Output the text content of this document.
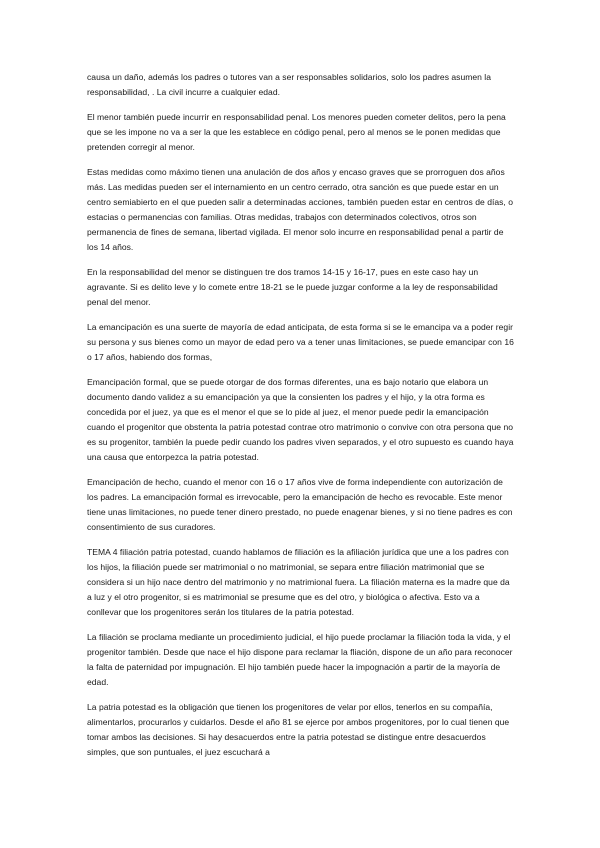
causa un daño, además los padres o tutores van a ser responsables solidarios, solo los padres asumen la responsabilidad, . La civil incurre a cualquier edad.

El menor también puede incurrir en responsabilidad penal. Los menores pueden cometer delitos, pero la pena que se les impone no va a ser la que les establece en código penal, pero al menos se le ponen medidas que pretenden corregir al menor.

Estas medidas como máximo tienen una anulación de dos años y encaso graves que se prorroguen dos años más. Las medidas pueden ser el internamiento en un centro cerrado, otra sanción es que puede estar en un centro semiabierto en el que pueden salir a determinadas acciones, también pueden estar en centros de días, o estacias o permanencias con familias. Otras medidas, trabajos con determinados colectivos, otros son permanencia de fines de semana, libertad vigilada. El menor solo incurre en responsabilidad penal a partir de los 14 años.

En la responsabilidad del menor se distinguen tre dos tramos 14-15 y 16-17, pues en este caso hay un agravante. Si es delito leve y lo comete entre 18-21 se le puede juzgar conforme a la ley de responsabilidad penal del menor.

La emancipación es una suerte de mayoría de edad anticipata, de esta forma si se le emancipa va a poder regir su persona y sus bienes como un mayor de edad pero va a tener unas limitaciones, se puede emancipar con 16 o 17 años, habiendo dos formas,

Emancipación formal, que se puede otorgar de dos formas diferentes, una es bajo notario que elabora un documento dando validez a su emancipación ya que la consienten los padres y el hijo, y la otra forma es concedida por el juez, ya que es el menor el que se lo pide al juez, el menor puede pedir la emancipación cuando el progenitor que obstenta la patria potestad contrae otro matrimonio o convive con otra persona que no es su progenitor, también la puede pedir cuando los padres viven separados, y el otro supuesto es cuando haya una causa que entorpezca la patria potestad.

Emancipación de hecho, cuando el menor con 16 o 17 años vive de forma independiente con autorización de los padres. La emancipación formal es irrevocable, pero la emancipación de hecho es revocable. Este menor tiene unas limitaciones, no puede tener dinero prestado, no puede enagenar bienes, y si no tiene padres es con consentimiento de sus curadores.

TEMA 4 filiación patria potestad, cuando hablamos de filiación es la afiliación jurídica que une a los padres con los hijos, la filiación puede ser matrimonial o no matrimonial, se separa entre filiación matrimonial que se considera si un hijo nace dentro del matrimonio y no matrimional fuera. La filiación materna es la madre que da a luz y el otro progenitor, si es matrimonial se presume que es del otro, y biológica o afectiva. Esto va a conllevar que los progenitores serán los titulares de la patria potestad.

La filiación se proclama mediante un procedimiento judicial, el hijo puede proclamar la filiación toda la vida, y el progenitor también. Desde que nace el hijo dispone para reclamar la fliación, dispone de un año para reconocer la falta de paternidad por impugnación. El hijo también puede hacer la impognación a partir de la mayoría de edad.

La patria potestad es la obligación que tienen los progenitores de velar por ellos, tenerlos en su compañía, alimentarlos, procurarlos y cuidarlos. Desde el año 81 se ejerce por ambos progenitores, por lo cual tienen que tomar ambos las decisiones. Si hay desacuerdos entre la patria potestad se distingue entre desacuerdos simples, que son puntuales, el juez escuchará a
